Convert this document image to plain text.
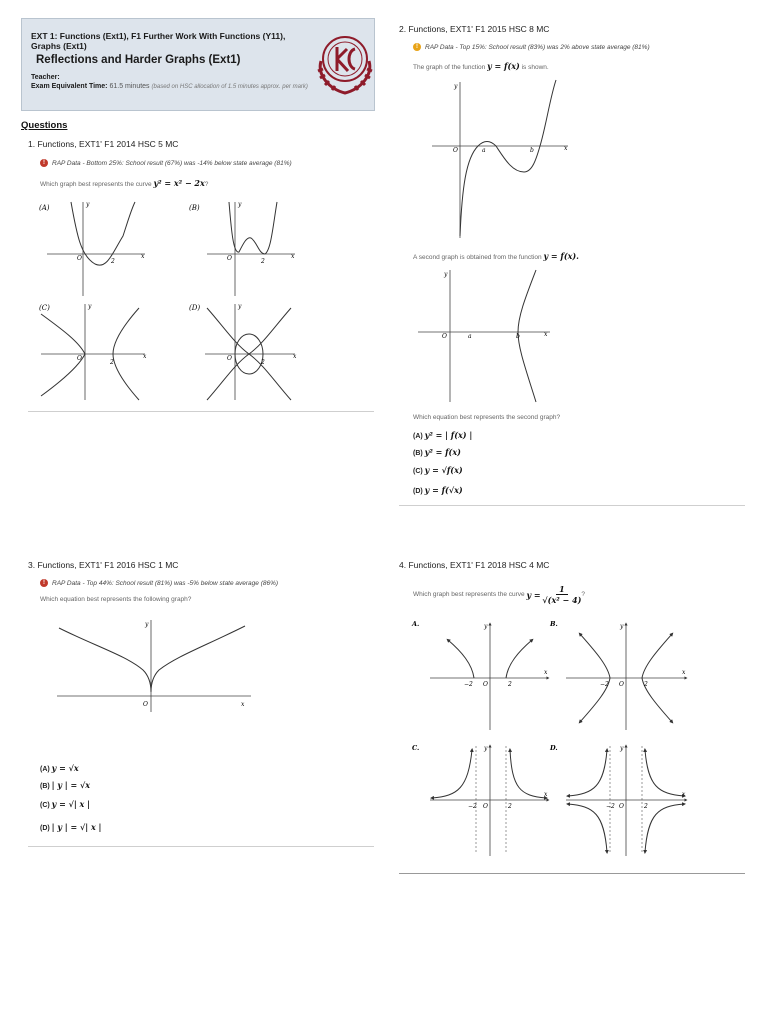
EXT 1: Functions (Ext1), F1 Further Work With Functions (Y11), Graphs (Ext1)
Reflections and Harder Graphs (Ext1)
Teacher:
Exam Equivalent Time: 61.5 minutes (based on HSC allocation of 1.5 minutes approx. per mark)
Questions
1. Functions, EXT1' F1 2014 HSC 5 MC
!	RAP Data - Bottom 25%: School result (67%) was -14% below state average (81%)
Which graph best represents the curve y² = x² − 2x?
(A)
O	2
x
y	(B)
O	2
x
y
(C)
O
2
x
y	(D)
O
2
x
y
2. Functions, EXT1' F1 2015 HSC 8 MC
!	RAP Data - Top 15%: School result (83%) was 2% above state average (81%)
The graph of the function y = f(x) is shown.
O	a	b	x
y
A second graph is obtained from the function y = f(x).
O	a	b	x
y
Which equation best represents the second graph?
(A) y² = | f(x) |
(B) y² = f(x)
(C) y = √f(x)
(D) y = f(√x)
3. Functions, EXT1' F1 2016 HSC 1 MC
!	RAP Data - Top 44%: School result (81%) was -5% below state average (86%)
Which equation best represents the following graph?
O	x
y
(A) y = √x
(B) | y | = √x
(C) y = √| x |
(D) | y | = √| x |
4. Functions, EXT1' F1 2018 HSC 4 MC
Which graph best represents the curve
y =
$\frac{1}{\text{√(x² − 4)}}$ ?
A.
−2 O	2
x
y	B.
−2 O	2
x
y
C.
−2 O	2
x
y	D.
−2 O	2
x
y
